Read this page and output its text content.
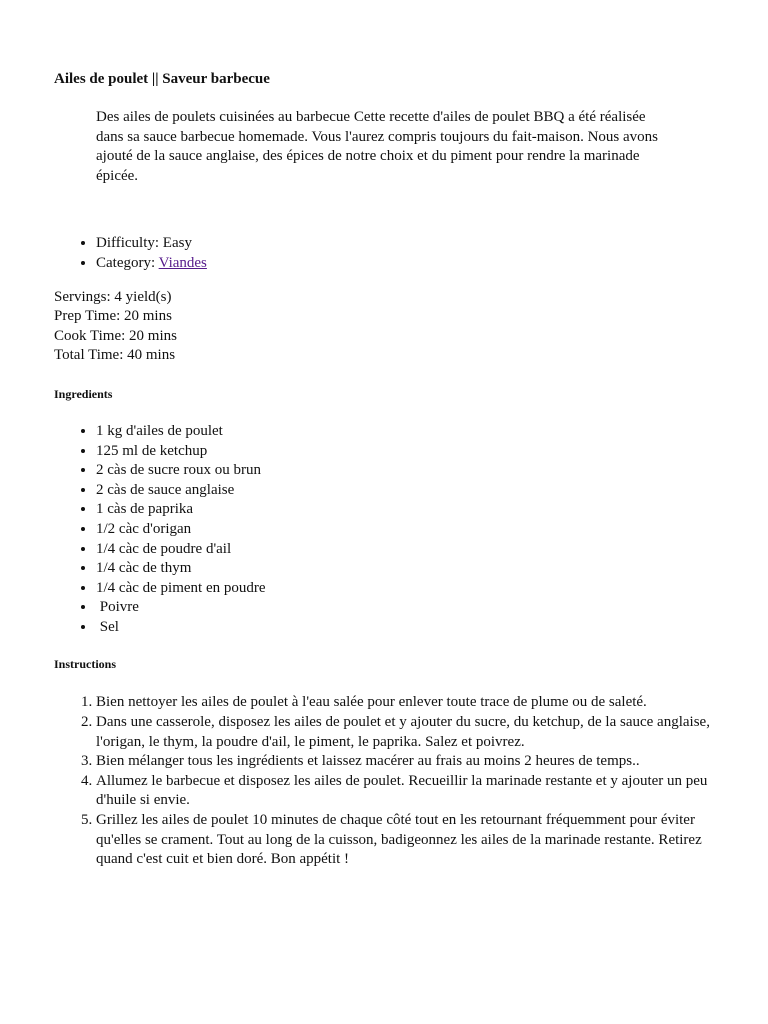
Ailes de poulet || Saveur barbecue
Des ailes de poulets cuisinées au barbecue Cette recette d'ailes de poulet BBQ a été réalisée dans sa sauce barbecue homemade. Vous l'aurez compris toujours du fait-maison. Nous avons ajouté de la sauce anglaise, des épices de notre choix et du piment pour rendre la marinade épicée.
• Difficulty: Easy
• Category: Viandes
Servings: 4 yield(s)
Prep Time: 20 mins
Cook Time: 20 mins
Total Time: 40 mins
Ingredients
• 1 kg d'ailes de poulet
• 125 ml de ketchup
• 2 càs de sucre roux ou brun
• 2 càs de sauce anglaise
• 1 càs de paprika
• 1/2 càc d'origan
• 1/4 càc de poudre d'ail
• 1/4 càc de thym
• 1/4 càc de piment en poudre
•  Poivre
•  Sel
Instructions
1. Bien nettoyer les ailes de poulet à l'eau salée pour enlever toute trace de plume ou de saleté.
2. Dans une casserole, disposez les ailes de poulet et y ajouter du sucre, du ketchup, de la sauce anglaise, l'origan, le thym, la poudre d'ail, le piment, le paprika. Salez et poivrez.
3. Bien mélanger tous les ingrédients et laissez macérer au frais au moins 2 heures de temps..
4. Allumez le barbecue et disposez les ailes de poulet. Recueillir la marinade restante et y ajouter un peu d'huile si envie.
5. Grillez les ailes de poulet 10 minutes de chaque côté tout en les retournant fréquemment pour éviter qu'elles se crament. Tout au long de la cuisson, badigeonnez les ailes de la marinade restante. Retirez quand c'est cuit et bien doré. Bon appétit !
